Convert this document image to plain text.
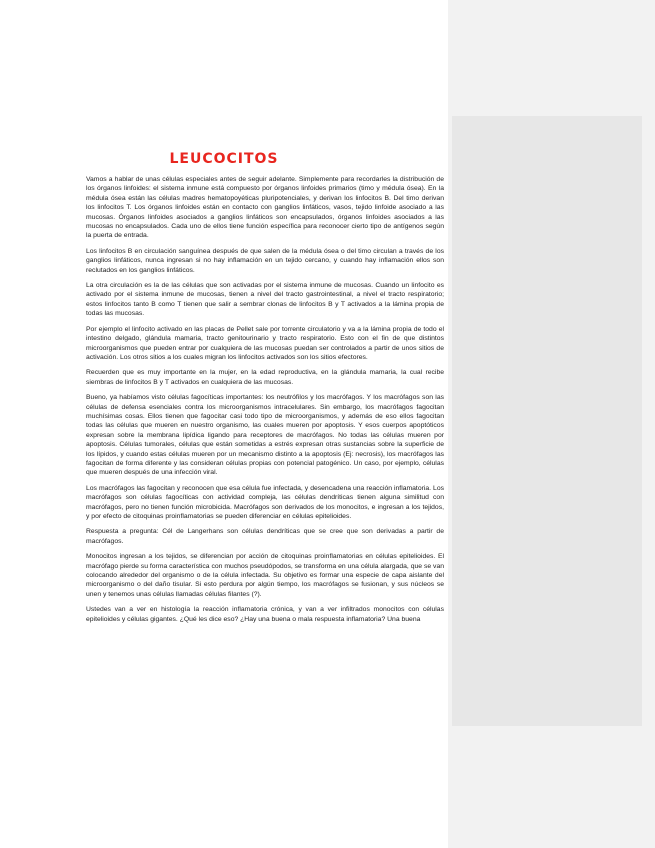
LEUCOCITOS

Vamos a hablar de unas células especiales antes de seguir adelante. Simplemente para recordarles la distribución de los órganos linfoides: el sistema inmune está compuesto por órganos linfoides primarios (timo y médula ósea). En la médula ósea están las células madres hematopoyéticas pluripotenciales, y derivan los linfocitos B. Del timo derivan los linfocitos T. Los órganos linfoides están en contacto con ganglios linfáticos, vasos, tejido linfoide asociado a las mucosas. Órganos linfoides asociados a ganglios linfáticos son encapsulados, órganos linfoides asociados a las mucosas no encapsulados. Cada uno de ellos tiene función específica para reconocer cierto tipo de antígenos según la puerta de entrada.

Los linfocitos B en circulación sanguínea después de que salen de la médula ósea o del timo circulan a través de los ganglios linfáticos, nunca ingresan si no hay inflamación en un tejido cercano, y cuando hay inflamación ellos son reclutados en los ganglios linfáticos.

La otra circulación es la de las células que son activadas por el sistema inmune de mucosas. Cuando un linfocito es activado por el sistema inmune de mucosas, tienen a nivel del tracto gastrointestinal, a nivel el tracto respiratorio; estos linfocitos tanto B como T tienen que salir a sembrar clonas de linfocitos B y T activados a la lámina propia de todas las mucosas.

Por ejemplo el linfocito activado en las placas de Pellet sale por torrente circulatorio y va a la lámina propia de todo el intestino delgado, glándula mamaria, tracto genitourinario y tracto respiratorio. Esto con el fin de que distintos microorganismos que pueden entrar por cualquiera de las mucosas puedan ser controlados a partir de unos sitios de activación. Los otros sitios a los cuales migran los linfocitos activados son los sitios efectores.

Recuerden que es muy importante en la mujer, en la edad reproductiva, en la glándula mamaria, la cual recibe siembras de linfocitos B y T activados en cualquiera de las mucosas.

Bueno, ya habíamos visto células fagocíticas importantes: los neutrófilos y los macrófagos. Y los macrófagos son las células de defensa esenciales contra los microorganismos intracelulares. Sin embargo, los macrófagos fagocitan muchísimas cosas. Ellos tienen que fagocitar casi todo tipo de microorganismos, y además de eso ellos fagocitan todas las células que mueren en nuestro organismo, las cuales mueren por apoptosis. Y esos cuerpos apoptóticos expresan sobre la membrana lipídica ligando para receptores de macrófagos. No todas las células mueren por apoptosis. Células tumorales, células que están sometidas a estrés expresan otras sustancias sobre la superficie de los lípidos, y cuando estas células mueren por un mecanismo distinto a la apoptosis (Ej: necrosis), los macrófagos las fagocitan de forma diferente y las consideran células propias con potencial patogénico. Un caso, por ejemplo, células que mueren después de una infección viral.

Los macrófagos las fagocitan y reconocen que esa célula fue infectada, y desencadena una reacción inflamatoria. Los macrófagos son células fagocíticas con actividad compleja, las células dendríticas tienen alguna similitud con macrófagos, pero no tienen función microbicida. Macrófagos son derivados de los monocitos, e ingresan a los tejidos, y por efecto de citoquinas proinflamatorias se pueden diferenciar en células epitelioides.

Respuesta a pregunta: Cél de Langerhans son células dendríticas que se cree que son derivadas a partir de macrófagos.

Monocitos ingresan a los tejidos, se diferencian por acción de citoquinas proinflamatorias en células epitelioides. El macrófago pierde su forma característica con muchos pseudópodos, se transforma en una célula alargada, que se van colocando alrededor del organismo o de la célula infectada. Su objetivo es formar una especie de capa aislante del microorganismo o del daño tisular. Si esto perdura por algún tiempo, los macrófagos se fusionan, y sus núcleos se unen y tenemos unas células llamadas células filantes (?).

Ustedes van a ver en histología la reacción inflamatoria crónica, y van a ver infiltrados monocitos con células epitelioides y células gigantes. ¿Qué les dice eso? ¿Hay una buena o mala respuesta inflamatoria? Una buena
